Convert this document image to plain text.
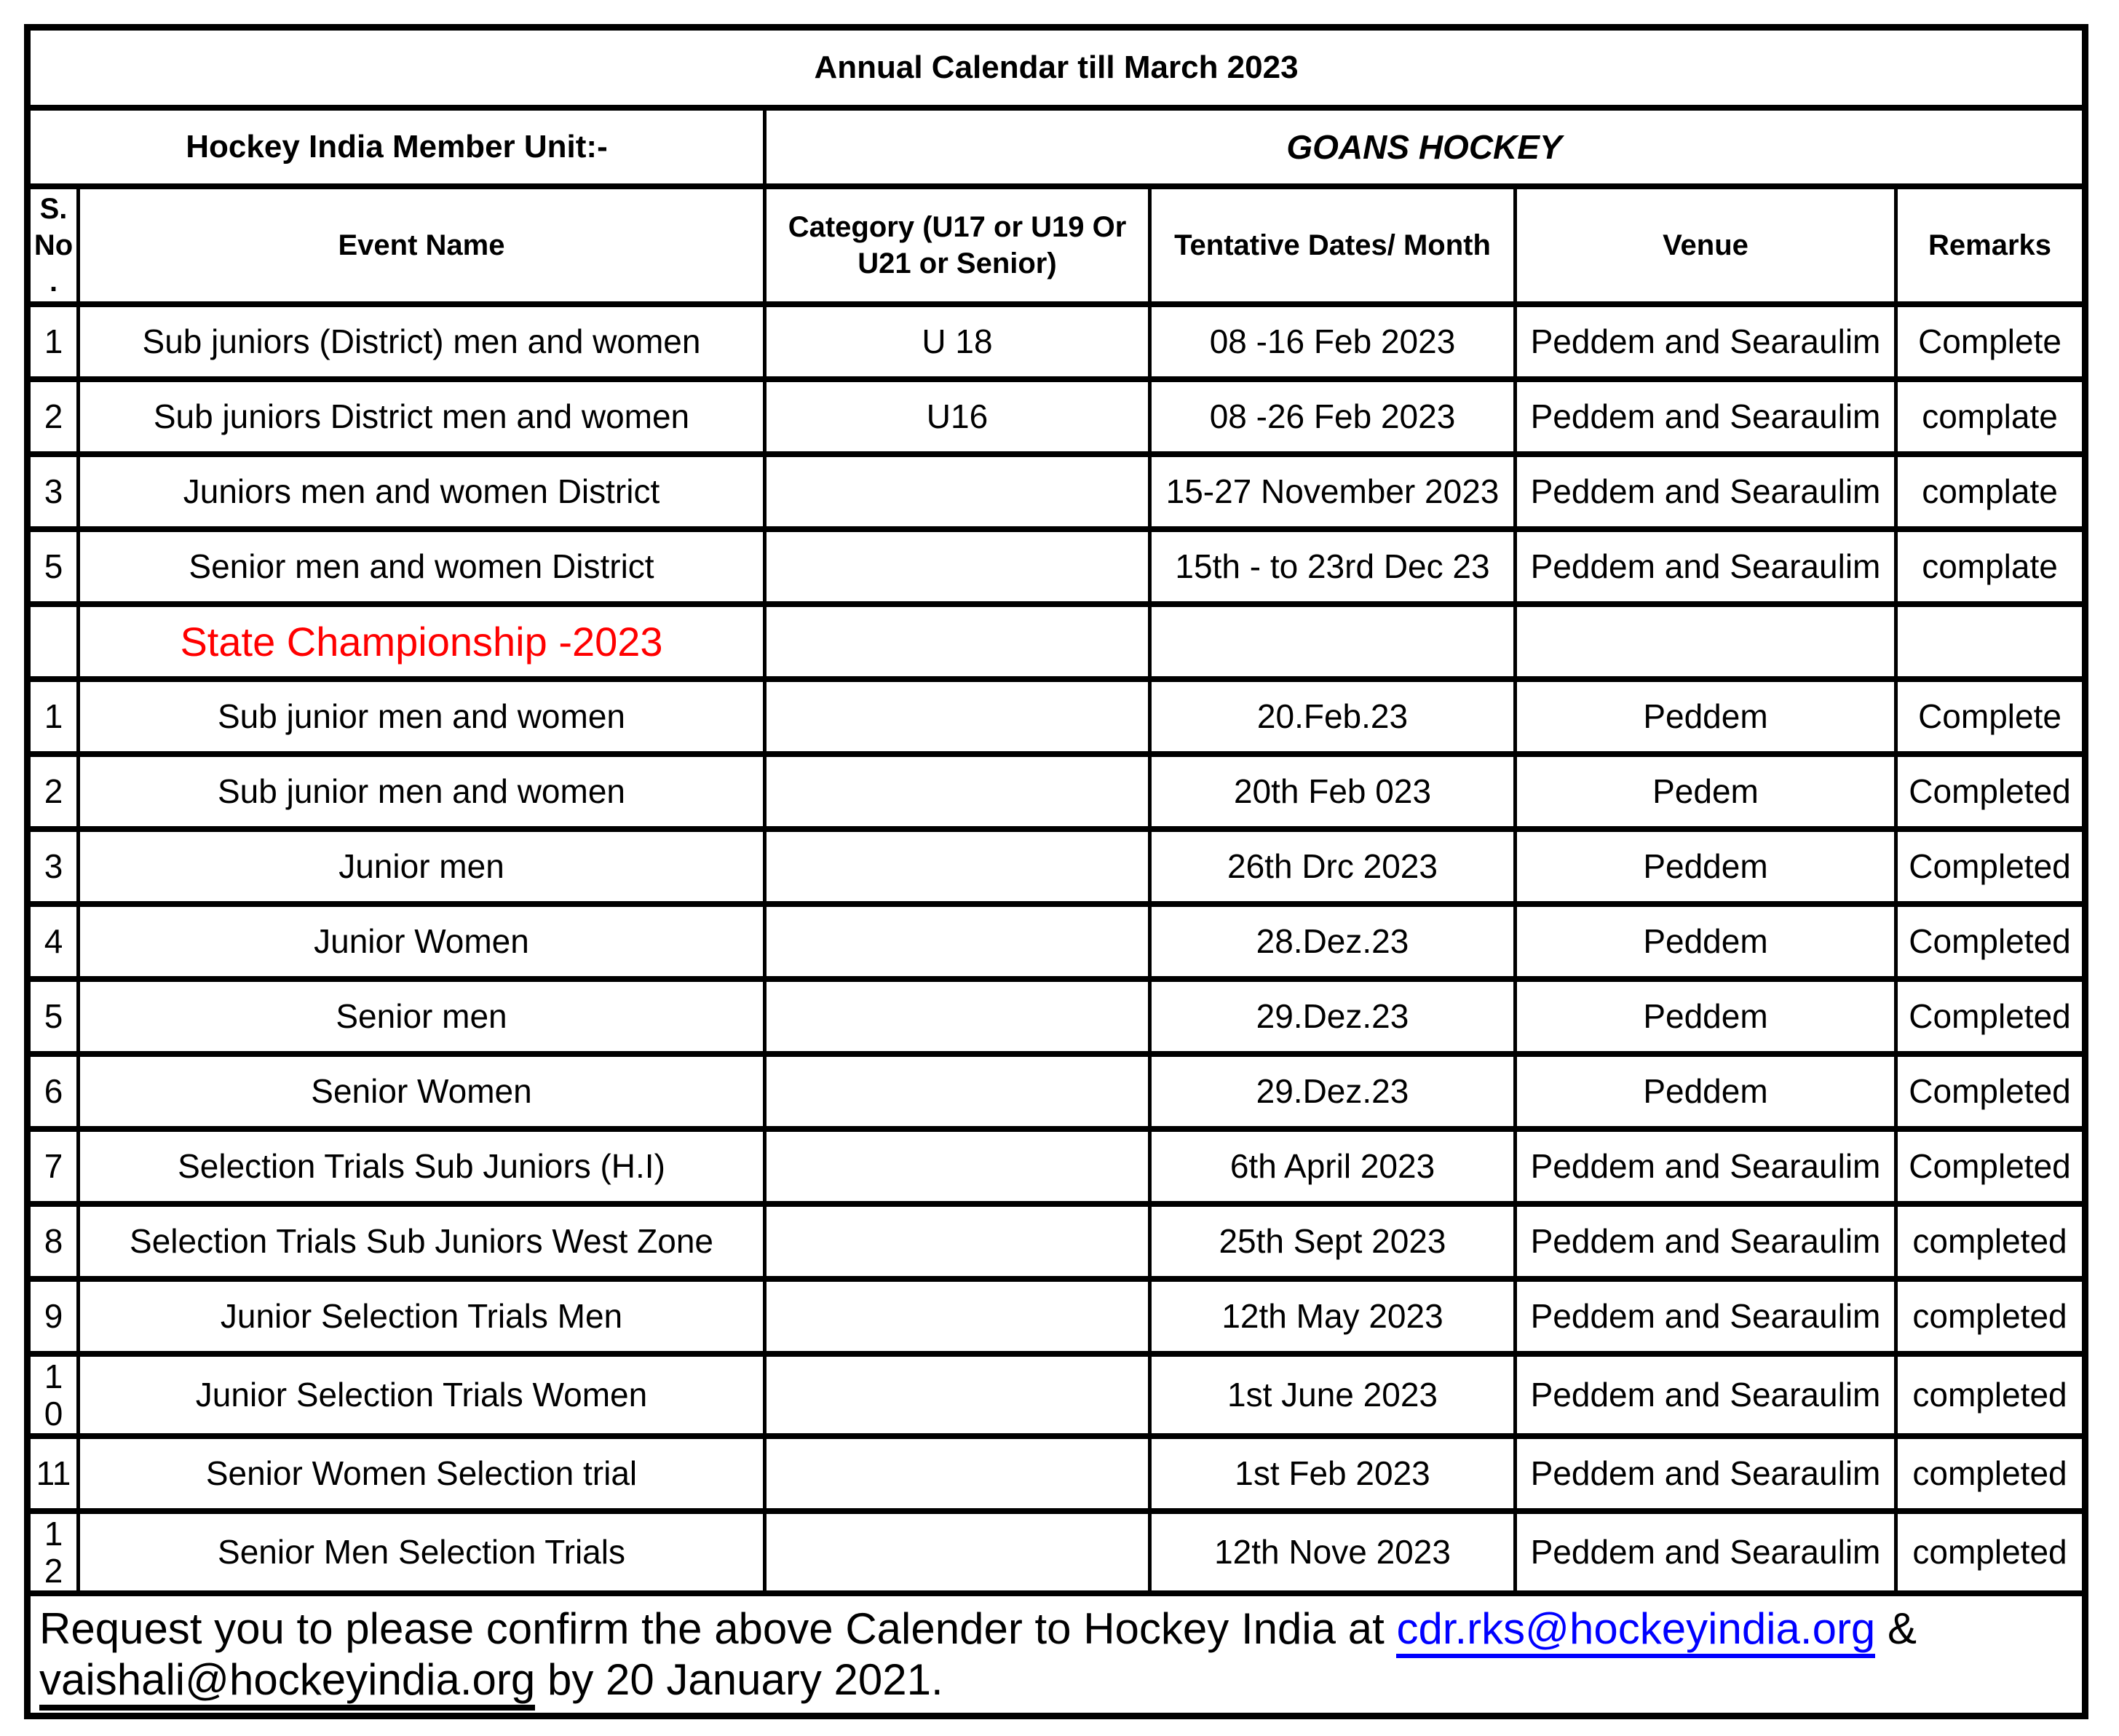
Annual Calendar till March 2023					
Hockey India Member Unit:-		GOANS HOCKEY			
S. No.	Event Name	Category (U17 or U19 Or U21 or Senior)	Tentative Dates/ Month	Venue	Remarks
1	Sub juniors (District) men and women	U 18	08 -16 Feb 2023	Peddem and Searaulim	Complete
2	Sub juniors District men and women	U16	08 -26 Feb 2023	Peddem and Searaulim	complate
3	Juniors men and women District		15-27 November 2023	Peddem and Searaulim	complate
5	Senior men and women District		15th - to 23rd Dec 23	Peddem and Searaulim	complate
	State Championship -2023				
1	Sub junior men and women		20.Feb.23	Peddem	Complete
2	Sub junior men and women		20th Feb 023	Pedem	Completed
3	Junior men		26th Drc 2023	Peddem	Completed
4	Junior Women		28.Dez.23	Peddem	Completed
5	Senior men		29.Dez.23	Peddem	Completed
6	Senior Women		29.Dez.23	Peddem	Completed
7	Selection Trials Sub Juniors (H.I)		6th April 2023	Peddem and Searaulim	Completed
8	Selection Trials Sub Juniors West Zone		25th Sept 2023	Peddem and Searaulim	completed
9	Junior Selection Trials Men		12th May 2023	Peddem and Searaulim	completed
10	Junior Selection Trials Women		1st June 2023	Peddem and Searaulim	completed
11	Senior Women Selection trial		1st Feb 2023	Peddem and Searaulim	completed
12	Senior Men Selection Trials		12th Nove 2023	Peddem and Searaulim	completed
Request you to please confirm the above Calender to Hockey India at cdr.rks@hockeyindia.org &
vaishali@hockeyindia.org by 20 January 2021.					
